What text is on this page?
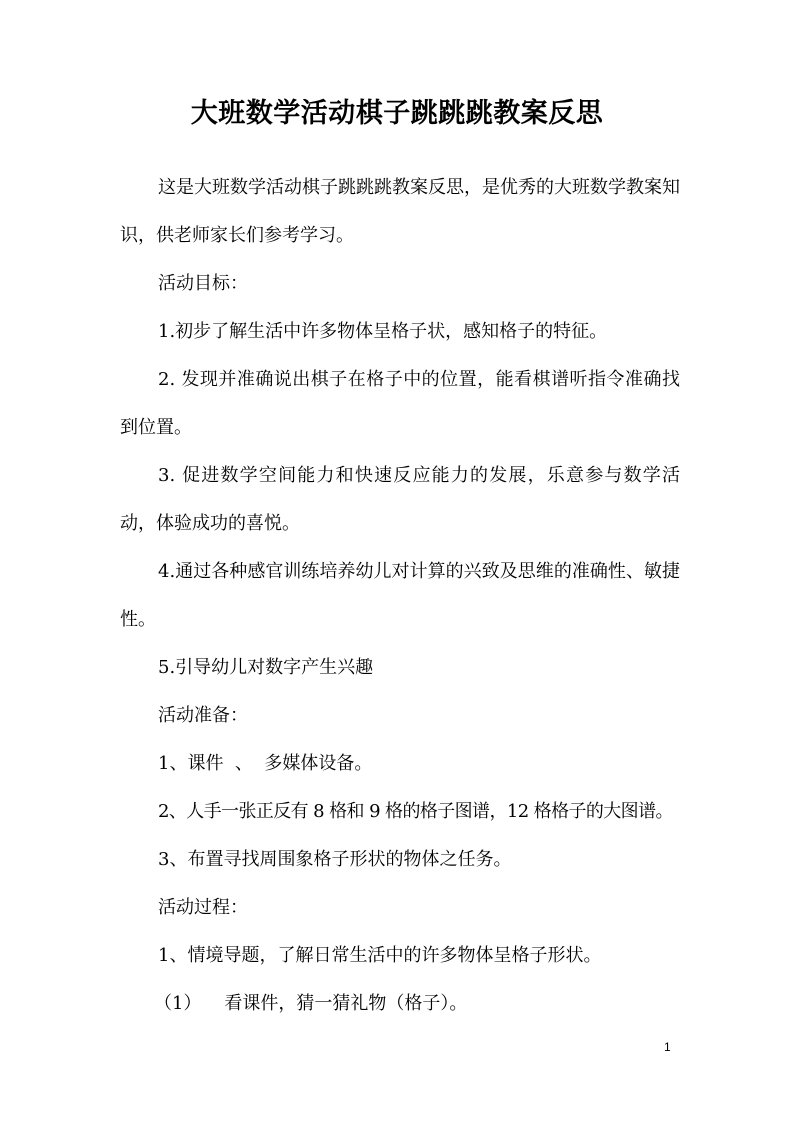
大班数学活动棋子跳跳跳教案反思

这是大班数学活动棋子跳跳跳教案反思，是优秀的大班数学教案知识，供老师家长们参考学习。

活动目标：

1.初步了解生活中许多物体呈格子状，感知格子的特征。

2. 发现并准确说出棋子在格子中的位置，能看棋谱听指令准确找到位置。

3. 促进数学空间能力和快速反应能力的发展，乐意参与数学活动，体验成功的喜悦。

4.通过各种感官训练培养幼儿对计算的兴致及思维的准确性、敏捷性。

5.引导幼儿对数字产生兴趣

活动准备：

1、课件  、  多媒体设备。

2、人手一张正反有 8 格和 9 格的格子图谱，12 格格子的大图谱。

3、布置寻找周围象格子形状的物体之任务。

活动过程：

1、情境导题，了解日常生活中的许多物体呈格子形状。

（1）    看课件，猜一猜礼物（格子）。

1
